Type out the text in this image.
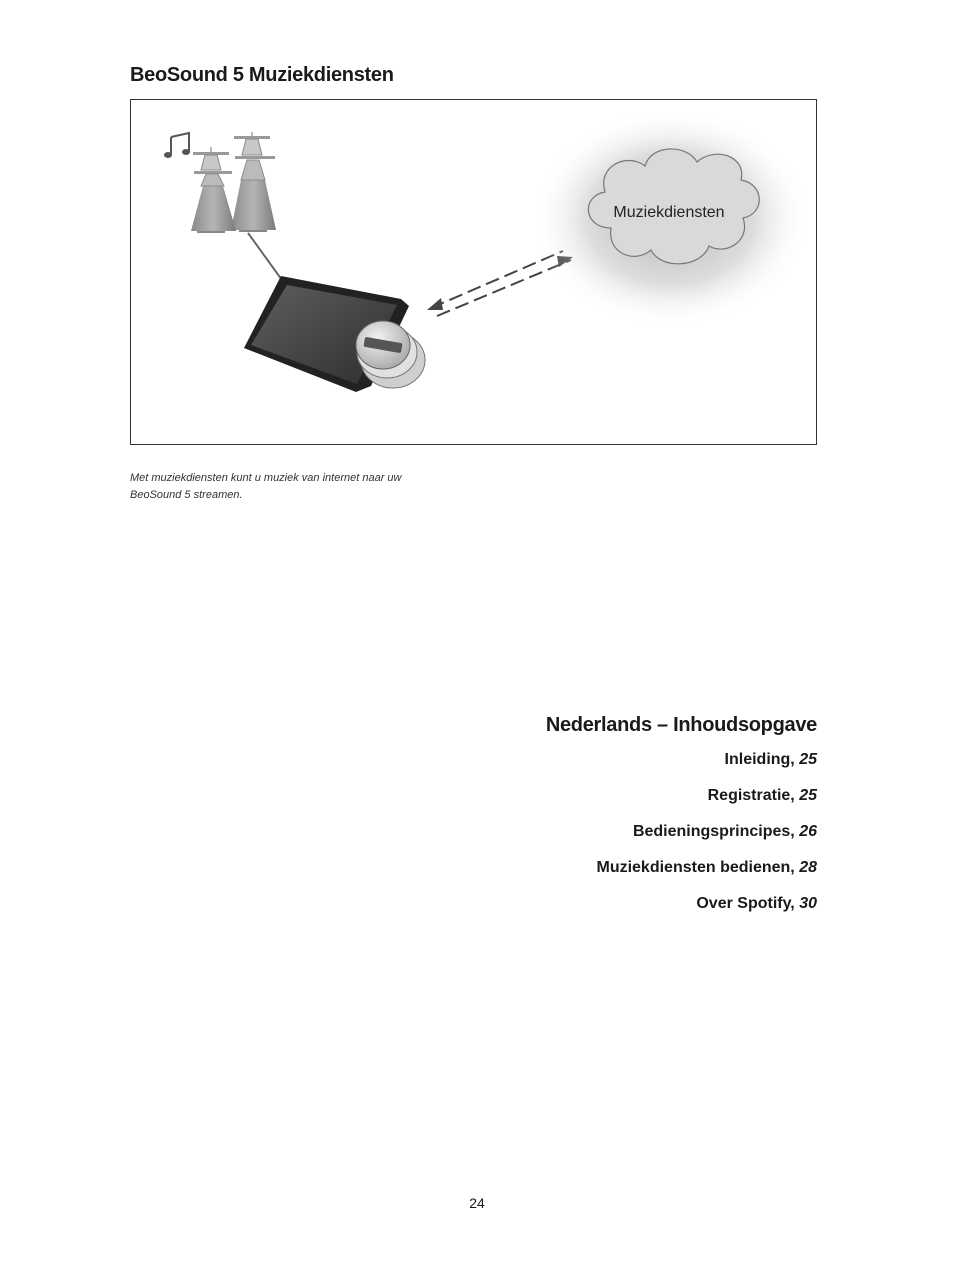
BeoSound 5 Muziekdiensten
Muziekdiensten
Met muziekdiensten kunt u muziek van internet naar uw
BeoSound 5 streamen.
Nederlands – Inhoudsopgave
Inleiding, 25
Registratie, 25
Bedieningsprincipes, 26
Muziekdiensten bedienen, 28
Over Spotify, 30
24
